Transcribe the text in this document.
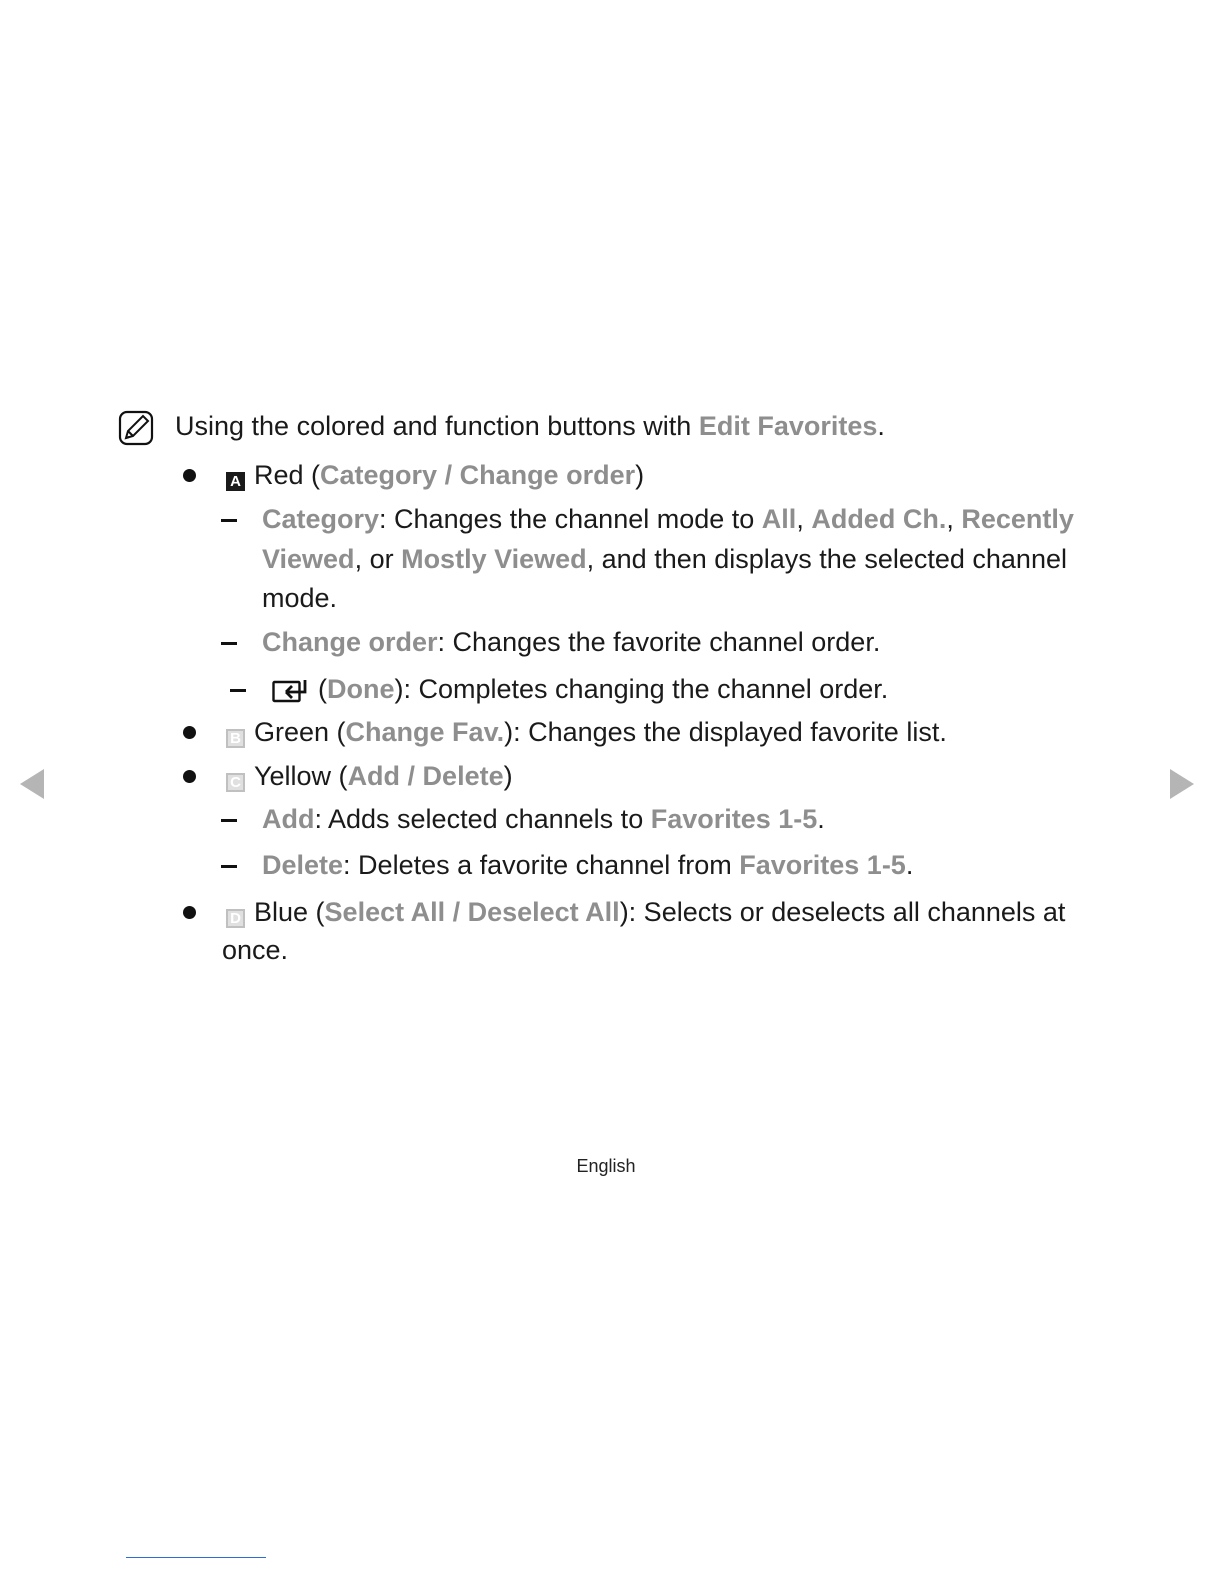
Using the colored and function buttons with Edit Favorites.
A Red (Category / Change order)
Category: Changes the channel mode to All, Added Ch., Recently
Viewed, or Mostly Viewed, and then displays the selected channel
mode.
Change order: Changes the favorite channel order.
(Done): Completes changing the channel order.
B Green (Change Fav.): Changes the displayed favorite list.
C Yellow (Add / Delete)
Add: Adds selected channels to Favorites 1-5.
Delete: Deletes a favorite channel from Favorites 1-5.
D Blue (Select All / Deselect All): Selects or deselects all channels at
once.
English
